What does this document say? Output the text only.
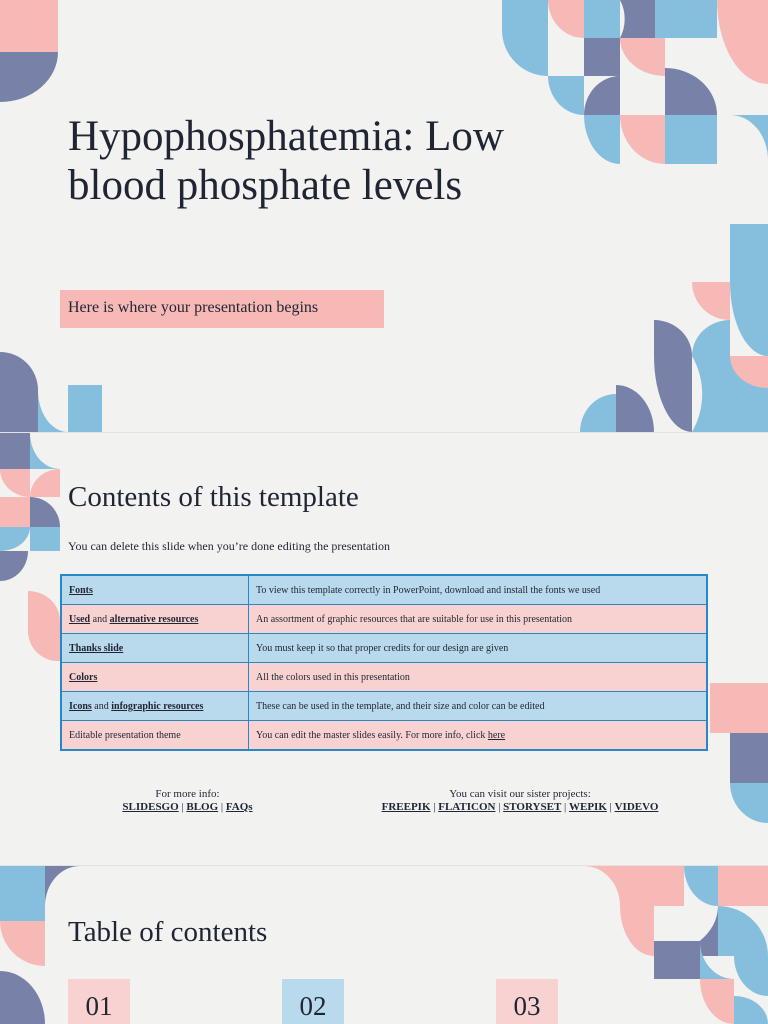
Hypophosphatemia: Low blood phosphate levels
Here is where your presentation begins
Contents of this template
You can delete this slide when you’re done editing the presentation
Fonts	To view this template correctly in PowerPoint, download and install the fonts we used
Used and alternative resources	An assortment of graphic resources that are suitable for use in this presentation
Thanks slide	You must keep it so that proper credits for our design are given
Colors	All the colors used in this presentation
Icons and infographic resources	These can be used in the template, and their size and color can be edited
Editable presentation theme	You can edit the master slides easily. For more info, click here
For more info:
SLIDESGO | BLOG | FAQs
You can visit our sister projects:
FREEPIK | FLATICON | STORYSET | WEPIK | VIDEVO
Table of contents
01	02	03
